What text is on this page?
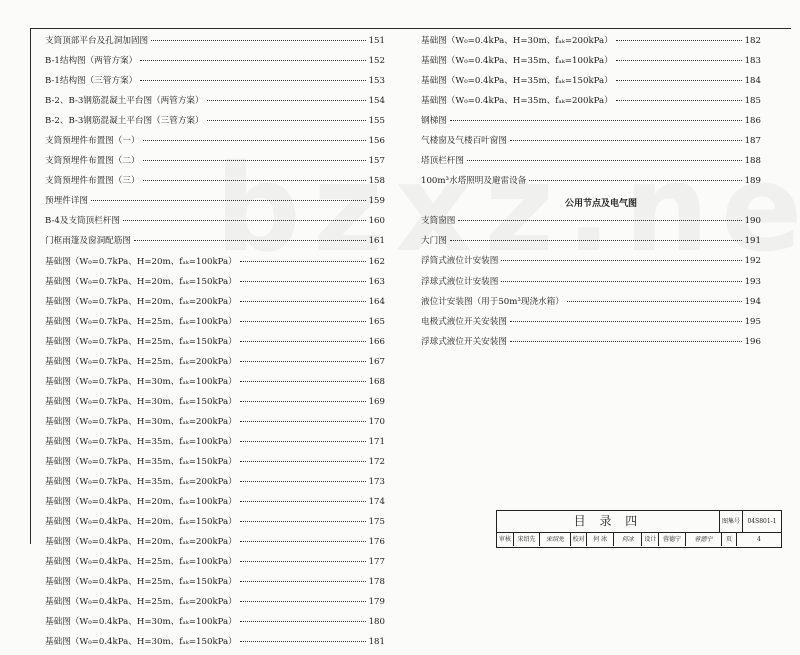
支筒顶部平台及孔洞加固图	151
B-1结构图（两管方案）	152
B-1结构图（三管方案）	153
B-2、B-3钢筋混凝土平台图（两管方案）	154
B-2、B-3钢筋混凝土平台图（三管方案）	155
支筒预埋件布置图（一）	156
支筒预埋件布置图（二）	157
支筒预埋件布置图（三）	158
预埋件详图	159
B-4及支筒顶栏杆图	160
门框雨篷及窗洞配筋图	161
基础图（W₀=0.7kPa、H=20m、fₐₖ=100kPa）	162
基础图（W₀=0.7kPa、H=20m、fₐₖ=150kPa）	163
基础图（W₀=0.7kPa、H=20m、fₐₖ=200kPa）	164
基础图（W₀=0.7kPa、H=25m、fₐₖ=100kPa）	165
基础图（W₀=0.7kPa、H=25m、fₐₖ=150kPa）	166
基础图（W₀=0.7kPa、H=25m、fₐₖ=200kPa）	167
基础图（W₀=0.7kPa、H=30m、fₐₖ=100kPa）	168
基础图（W₀=0.7kPa、H=30m、fₐₖ=150kPa）	169
基础图（W₀=0.7kPa、H=30m、fₐₖ=200kPa）	170
基础图（W₀=0.7kPa、H=35m、fₐₖ=100kPa）	171
基础图（W₀=0.7kPa、H=35m、fₐₖ=150kPa）	172
基础图（W₀=0.7kPa、H=35m、fₐₖ=200kPa）	173
基础图（W₀=0.4kPa、H=20m、fₐₖ=100kPa）	174
基础图（W₀=0.4kPa、H=20m、fₐₖ=150kPa）	175
基础图（W₀=0.4kPa、H=20m、fₐₖ=200kPa）	176
基础图（W₀=0.4kPa、H=25m、fₐₖ=100kPa）	177
基础图（W₀=0.4kPa、H=25m、fₐₖ=150kPa）	178
基础图（W₀=0.4kPa、H=25m、fₐₖ=200kPa）	179
基础图（W₀=0.4kPa、H=30m、fₐₖ=100kPa）	180
基础图（W₀=0.4kPa、H=30m、fₐₖ=150kPa）	181
基础图（W₀=0.4kPa、H=30m、fₐₖ=200kPa）	182
基础图（W₀=0.4kPa、H=35m、fₐₖ=100kPa）	183
基础图（W₀=0.4kPa、H=35m、fₐₖ=150kPa）	184
基础图（W₀=0.4kPa、H=35m、fₐₖ=200kPa）	185
钢梯图	186
气楼窗及气楼百叶窗图	187
塔顶栏杆图	188
100m³水塔照明及避雷设备	189
公用节点及电气图
支筒窗图	190
大门图	191
浮筒式液位计安装图	192
浮球式液位计安装图	193
液位计安装图（用于50m³现浇水箱）	194
电极式液位开关安装图	195
浮球式液位开关安装图	196
目 录 四	图集号	04S801-1
审核	宋绍先	宋绍先	校对	何 冰	何冰	设计	蓉德宁	蓉德宁	页	4
